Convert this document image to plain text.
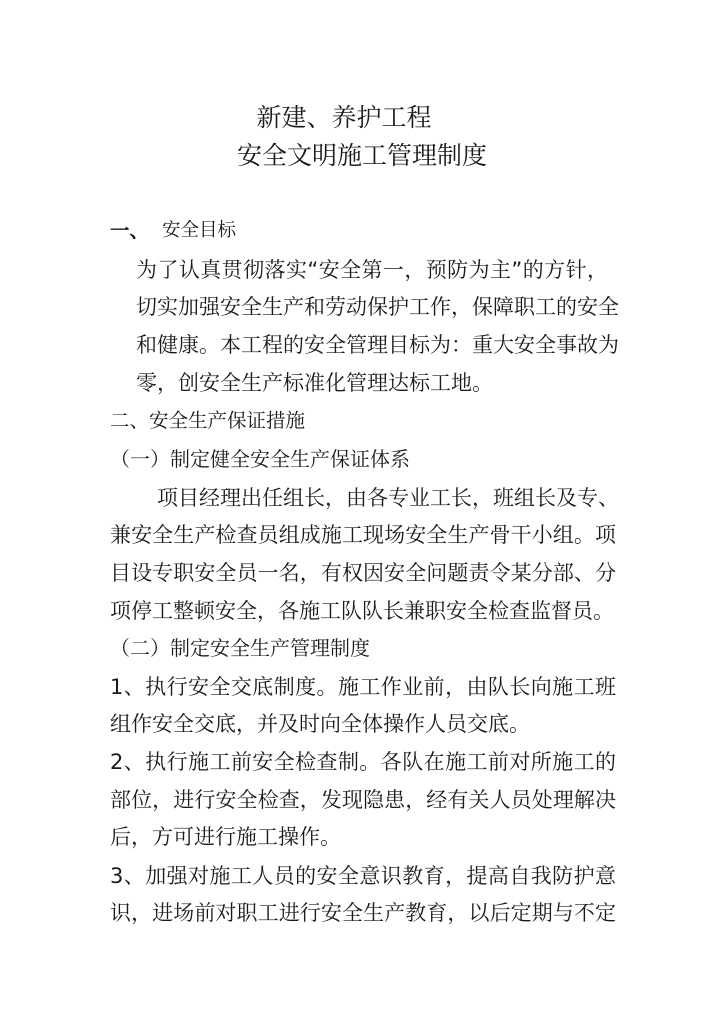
新建、养护工程
安全文明施工管理制度
一、 安全目标
为了认真贯彻落实“安全第一，预防为主”的方针，
切实加强安全生产和劳动保护工作，保障职工的安全
和健康。本工程的安全管理目标为：重大安全事故为
零，创安全生产标准化管理达标工地。
二、安全生产保证措施
（一）制定健全安全生产保证体系
项目经理出任组长，由各专业工长，班组长及专、
兼安全生产检查员组成施工现场安全生产骨干小组。项
目设专职安全员一名，有权因安全问题责令某分部、分
项停工整顿安全，各施工队队长兼职安全检查监督员。
（二）制定安全生产管理制度
1、执行安全交底制度。施工作业前，由队长向施工班
组作安全交底，并及时向全体操作人员交底。
2、执行施工前安全检查制。各队在施工前对所施工的
部位，进行安全检查，发现隐患，经有关人员处理解决
后，方可进行施工操作。
3、加强对施工人员的安全意识教育，提高自我防护意
识，进场前对职工进行安全生产教育，以后定期与不定
